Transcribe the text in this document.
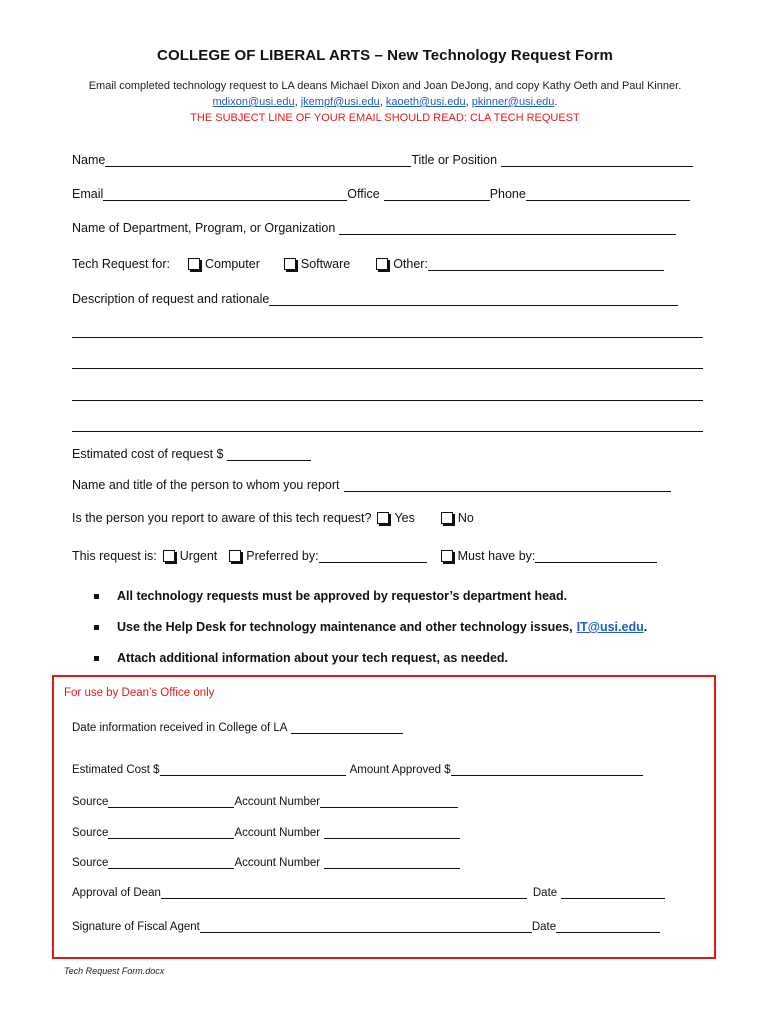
COLLEGE OF LIBERAL ARTS – New Technology Request Form
Email completed technology request to LA deans Michael Dixon and Joan DeJong, and copy Kathy Oeth and Paul Kinner.
mdixon@usi.edu, jkempf@usi.edu, kaoeth@usi.edu, pkinner@usi.edu.
THE SUBJECT LINE OF YOUR EMAIL SHOULD READ: CLA TECH REQUEST
Name	Title or Position
Email	Office	Phone
Name of Department, Program, or Organization
Tech Request for:	Computer	Software	Other:
Description of request and rationale
Estimated cost of request $
Name and title of the person to whom you report
Is the person you report to aware of this tech request? Yes	No
This request is: Urgent Preferred by:	Must have by:
All technology requests must be approved by requestor’s department head.
Use the Help Desk for technology maintenance and other technology issues, IT@usi.edu .
Attach additional information about your tech request, as needed.
For use by Dean’s Office only
Date information received in College of LA
Estimated Cost $	Amount Approved $
Source	Account Number
Source	Account Number
Source	Account Number
Approval of Dean	Date
Signature of Fiscal Agent	Date
Tech Request Form.docx
